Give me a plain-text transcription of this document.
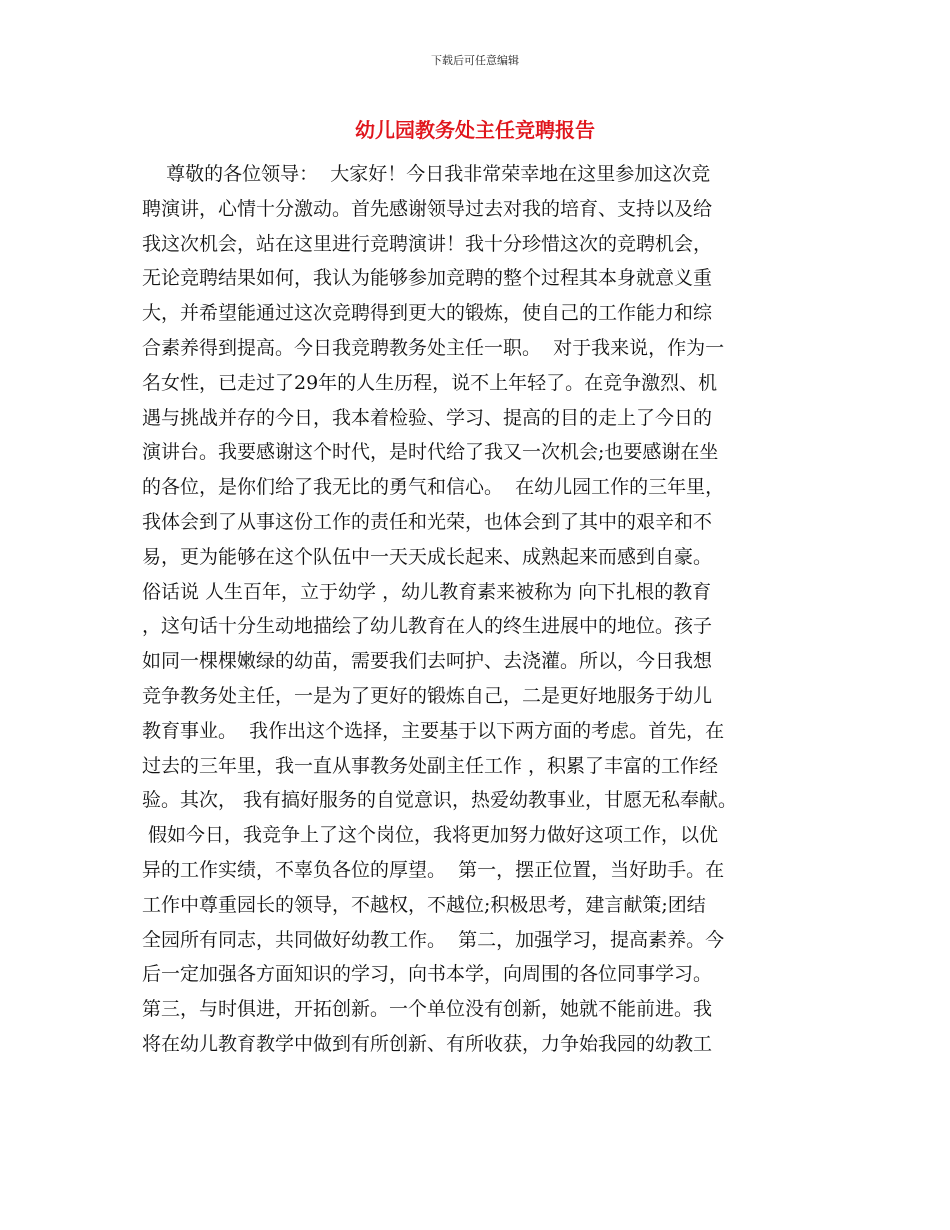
下载后可任意编辑
幼儿园教务处主任竞聘报告
尊敬的各位领导：  大家好！今日我非常荣幸地在这里参加这次竞
聘演讲，心情十分激动。首先感谢领导过去对我的培育、支持以及给
我这次机会，站在这里进行竞聘演讲！我十分珍惜这次的竞聘机会，
无论竞聘结果如何，我认为能够参加竞聘的整个过程其本身就意义重
大，并希望能通过这次竞聘得到更大的锻炼，使自己的工作能力和综
合素养得到提高。今日我竞聘教务处主任一职。  对于我来说，作为一
名女性，已走过了29年的人生历程，说不上年轻了。在竞争激烈、机
遇与挑战并存的今日，我本着检验、学习、提高的目的走上了今日的
演讲台。我要感谢这个时代，是时代给了我又一次机会;也要感谢在坐
的各位，是你们给了我无比的勇气和信心。  在幼儿园工作的三年里，
我体会到了从事这份工作的责任和光荣，也体会到了其中的艰辛和不
易，更为能够在这个队伍中一天天成长起来、成熟起来而感到自豪。
俗话说 人生百年，立于幼学 ，幼儿教育素来被称为 向下扎根的教育
，这句话十分生动地描绘了幼儿教育在人的终生进展中的地位。孩子
如同一棵棵嫩绿的幼苗，需要我们去呵护、去浇灌。所以，今日我想
竞争教务处主任，一是为了更好的锻炼自己，二是更好地服务于幼儿
教育事业。  我作出这个选择，主要基于以下两方面的考虑。首先，在
过去的三年里，我一直从事教务处副主任工作 ，积累了丰富的工作经
验。其次， 我有搞好服务的自觉意识，热爱幼教事业，甘愿无私奉献。
假如今日，我竞争上了这个岗位，我将更加努力做好这项工作，以优
异的工作实绩，不辜负各位的厚望。  第一，摆正位置，当好助手。在
工作中尊重园长的领导，不越权，不越位;积极思考，建言献策;团结
全园所有同志，共同做好幼教工作。  第二，加强学习，提高素养。今
后一定加强各方面知识的学习，向书本学，向周围的各位同事学习。
第三，与时俱进，开拓创新。一个单位没有创新，她就不能前进。我
将在幼儿教育教学中做到有所创新、有所收获，力争始我园的幼教工
